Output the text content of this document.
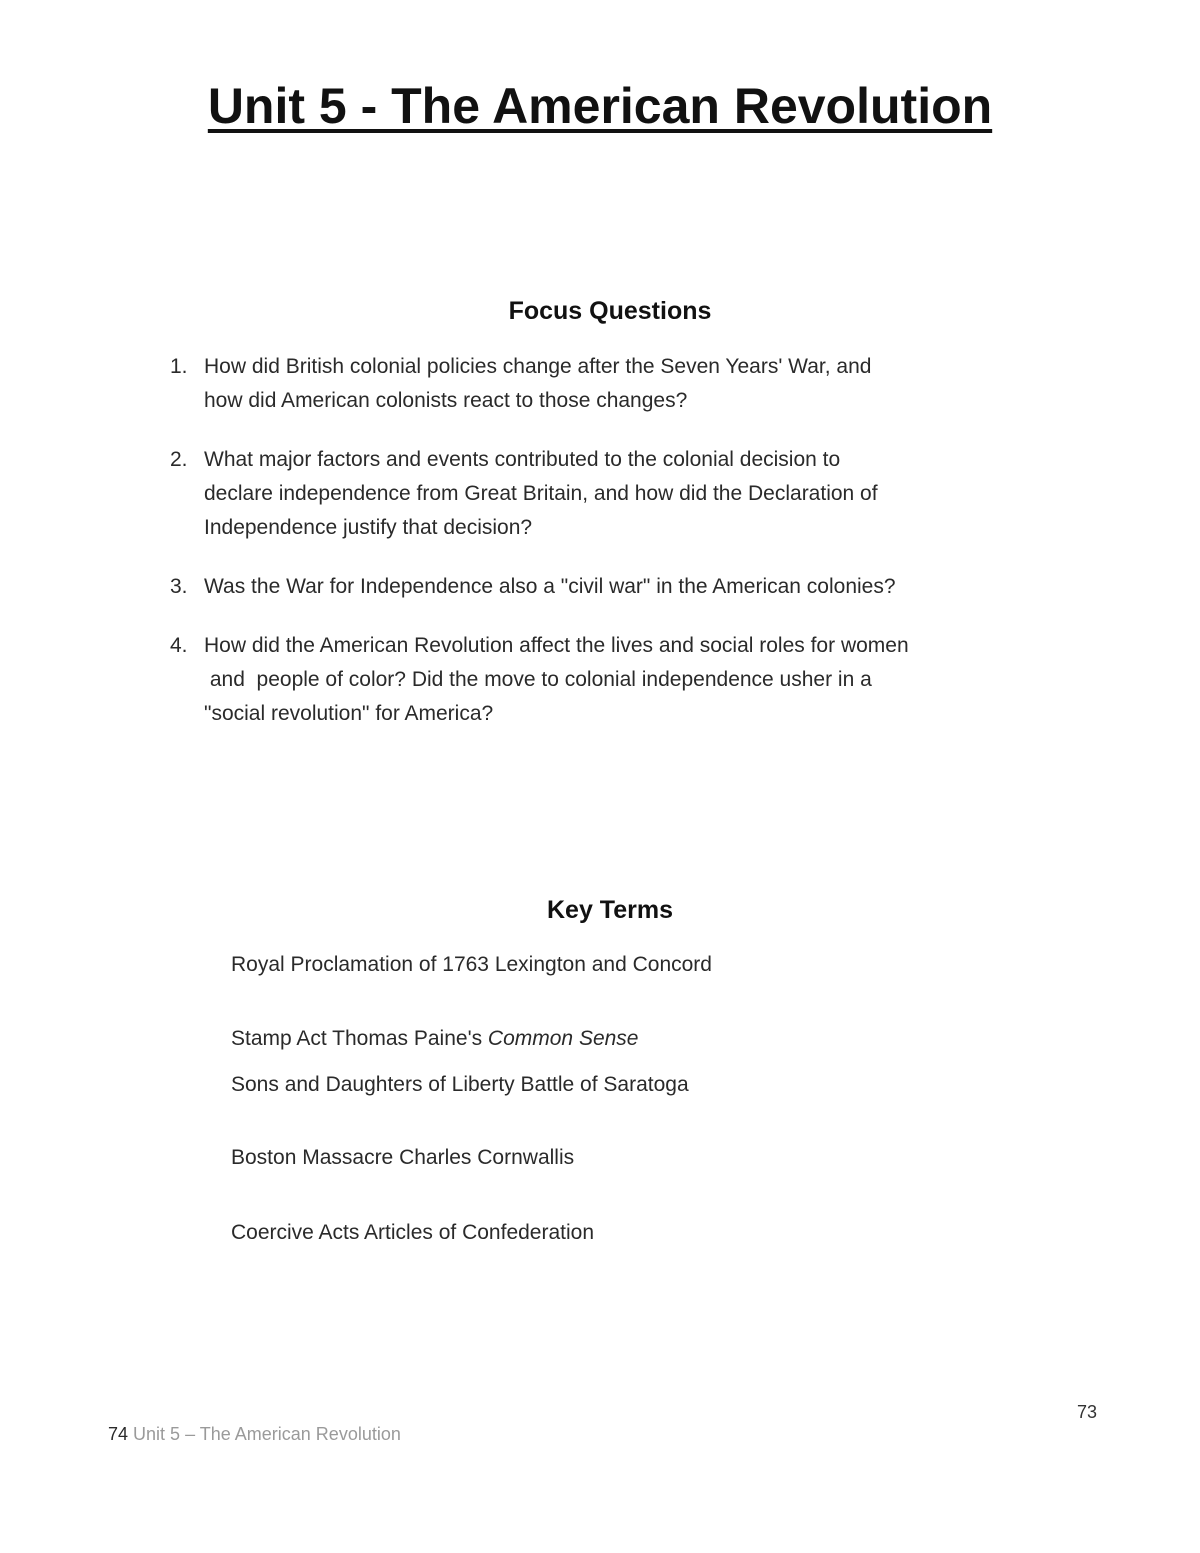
Unit 5 - The American Revolution
Focus Questions
1. How did British colonial policies change after the Seven Years' War, and
how did American colonists react to those changes?
2. What major factors and events contributed to the colonial decision to
declare independence from Great Britain, and how did the Declaration of
Independence justify that decision?
3. Was the War for Independence also a "civil war" in the American colonies?
4. How did the American Revolution affect the lives and social roles for women
and  people of color? Did the move to colonial independence usher in a
"social revolution" for America?
Key Terms
Royal Proclamation of 1763 Lexington and Concord
Stamp Act Thomas Paine's Common Sense
Sons and Daughters of Liberty Battle of Saratoga
Boston Massacre Charles Cornwallis
Coercive Acts Articles of Confederation
73
74 Unit 5 – The American Revolution
